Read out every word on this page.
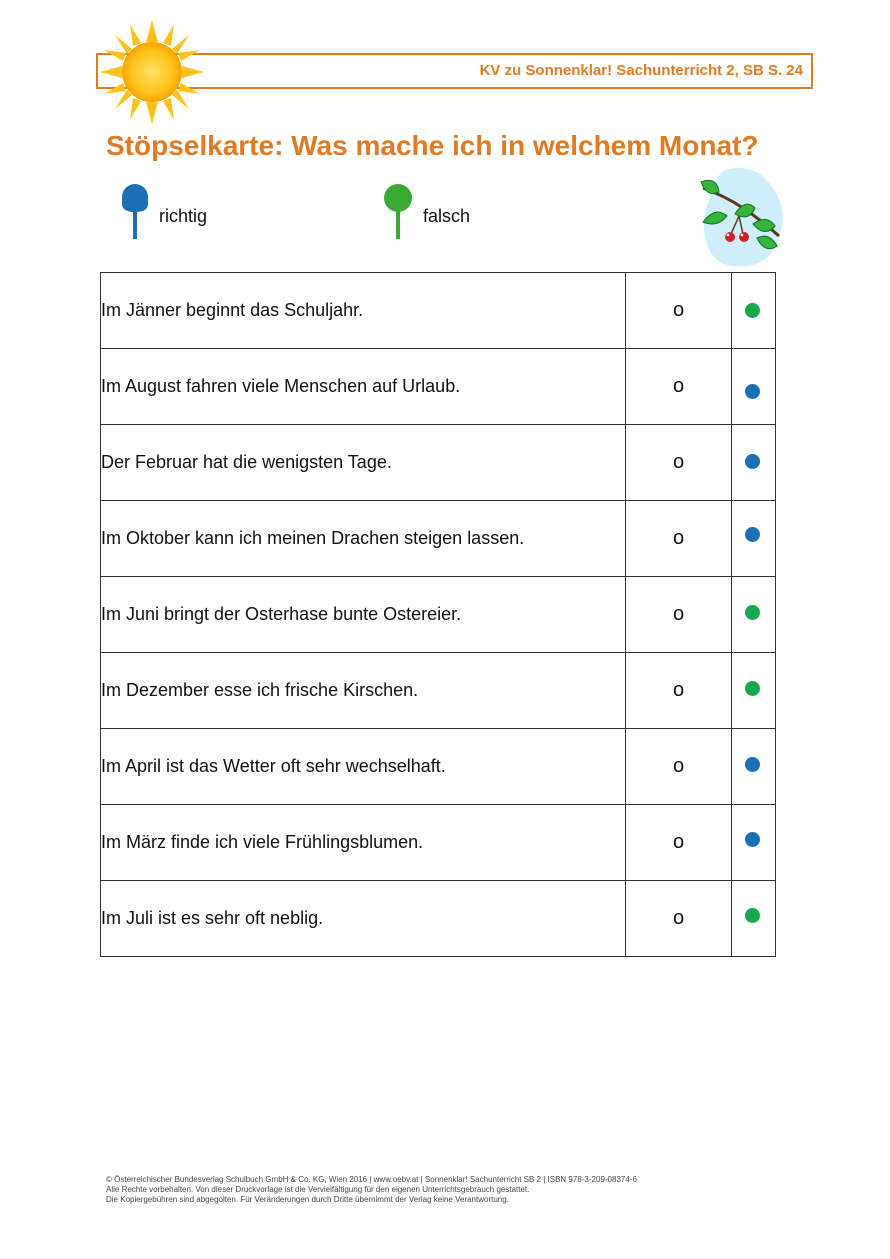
KV zu Sonnenklar! Sachunterricht 2, SB S. 24
Stöpselkarte: Was mache ich in welchem Monat?
richtig	falsch
Im Jänner beginnt das Schuljahr.	o	

Im August fahren viele Menschen auf Urlaub.	o	

Der Februar hat die wenigsten Tage.	o	

Im Oktober kann ich meinen Drachen steigen lassen.	o	

Im Juni bringt der Osterhase bunte Ostereier.	o	

Im Dezember esse ich frische Kirschen.	o	

Im April ist das Wetter oft sehr wechselhaft.	o	

Im März finde ich viele Frühlingsblumen.	o	

Im Juli ist es sehr oft neblig.	o	
© Österreichischer Bundesverlag Schulbuch GmbH & Co. KG, Wien 2016 | www.oebv.at | Sonnenklar! Sachunterricht SB 2 | ISBN 978-3-209-08374-6
Alle Rechte vorbehalten. Von dieser Druckvorlage ist die Vervielfältigung für den eigenen Unterrichtsgebrauch gestattet.
Die Kopiergebühren sind abgegolten. Für Veränderungen durch Dritte übernimmt der Verlag keine Verantwortung.
